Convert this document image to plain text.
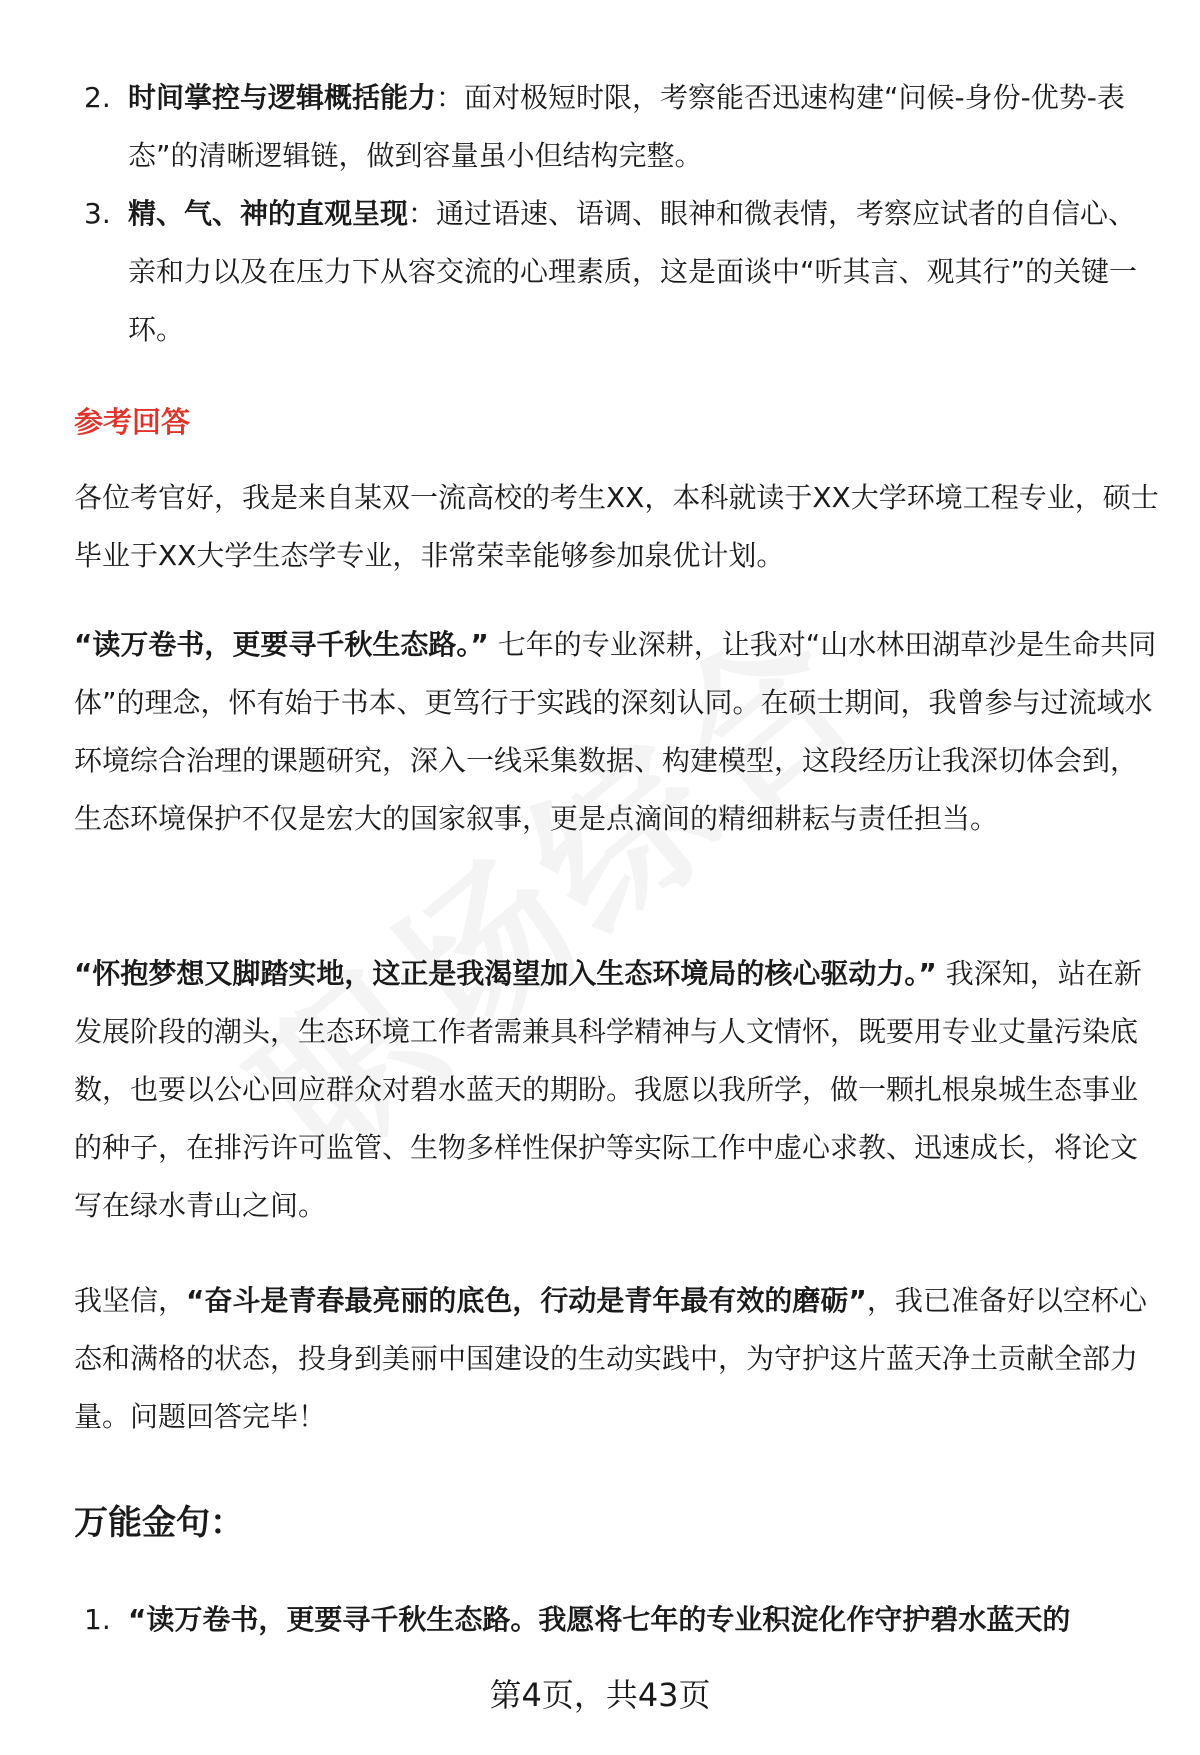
2. 时间掌控与逻辑概括能力：面对极短时限，考察能否迅速构建“问候-身份-优势-表态”的清晰逻辑链，做到容量虽小但结构完整。
3. 精、气、神的直观呈现：通过语速、语调、眼神和微表情，考察应试者的自信心、亲和力以及在压力下从容交流的心理素质，这是面谈中“听其言、观其行”的关键一环。
参考回答
各位考官好，我是来自某双一流高校的考生XX，本科就读于XX大学环境工程专业，硕士毕业于XX大学生态学专业，非常荣幸能够参加泉优计划。
“读万卷书，更要寻千秋生态路。” 七年的专业深耕，让我对“山水林田湖草沙是生命共同体”的理念，怀有始于书本、更笃行于实践的深刻认同。在硕士期间，我曾参与过流域水环境综合治理的课题研究，深入一线采集数据、构建模型，这段经历让我深切体会到，生态环境保护不仅是宏大的国家叙事，更是点滴间的精细耕耘与责任担当。
“怀抱梦想又脚踏实地，这正是我渴望加入生态环境局的核心驱动力。” 我深知，站在新发展阶段的潮头，生态环境工作者需兼具科学精神与人文情怀，既要用专业丈量污染底数，也要以公心回应群众对碧水蓝天的期盼。我愿以我所学，做一颗扎根泉城生态事业的种子，在排污许可监管、生物多样性保护等实际工作中虚心求教、迅速成长，将论文写在绿水青山之间。
我坚信，“奋斗是青春最亮丽的底色，行动是青年最有效的磨砺”，我已准备好以空杯心态和满格的状态，投身到美丽中国建设的生动实践中，为守护这片蓝天净土贡献全部力量。问题回答完毕！
万能金句：
1. “读万卷书，更要寻千秋生态路。我愿将七年的专业积淀化作守护碧水蓝天的
第4页，共43页
